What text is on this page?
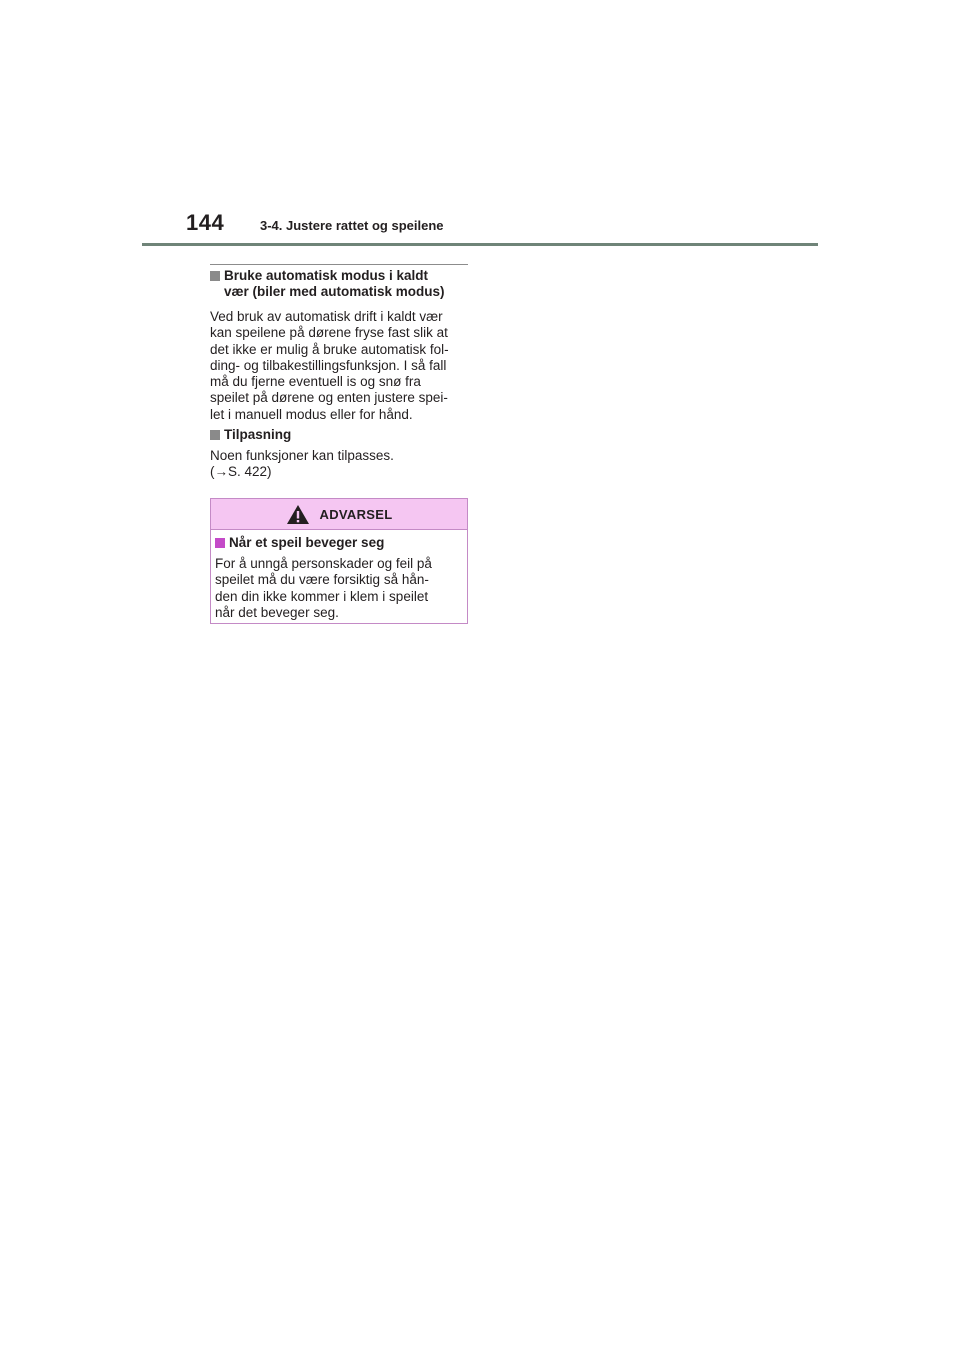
144	3-4. Justere rattet og speilene
Bruke automatisk modus i kaldt
vær (biler med automatisk modus)
Ved bruk av automatisk drift i kaldt vær
kan speilene på dørene fryse fast slik at
det ikke er mulig å bruke automatisk fol-
ding- og tilbakestillingsfunksjon. I så fall
må du fjerne eventuell is og snø fra
speilet på dørene og enten justere spei-
let i manuell modus eller for hånd.
Tilpasning
Noen funksjoner kan tilpasses.
(→S. 422)
ADVARSEL
Når et speil beveger seg
For å unngå personskader og feil på
speilet må du være forsiktig så hån-
den din ikke kommer i klem i speilet
når det beveger seg.
